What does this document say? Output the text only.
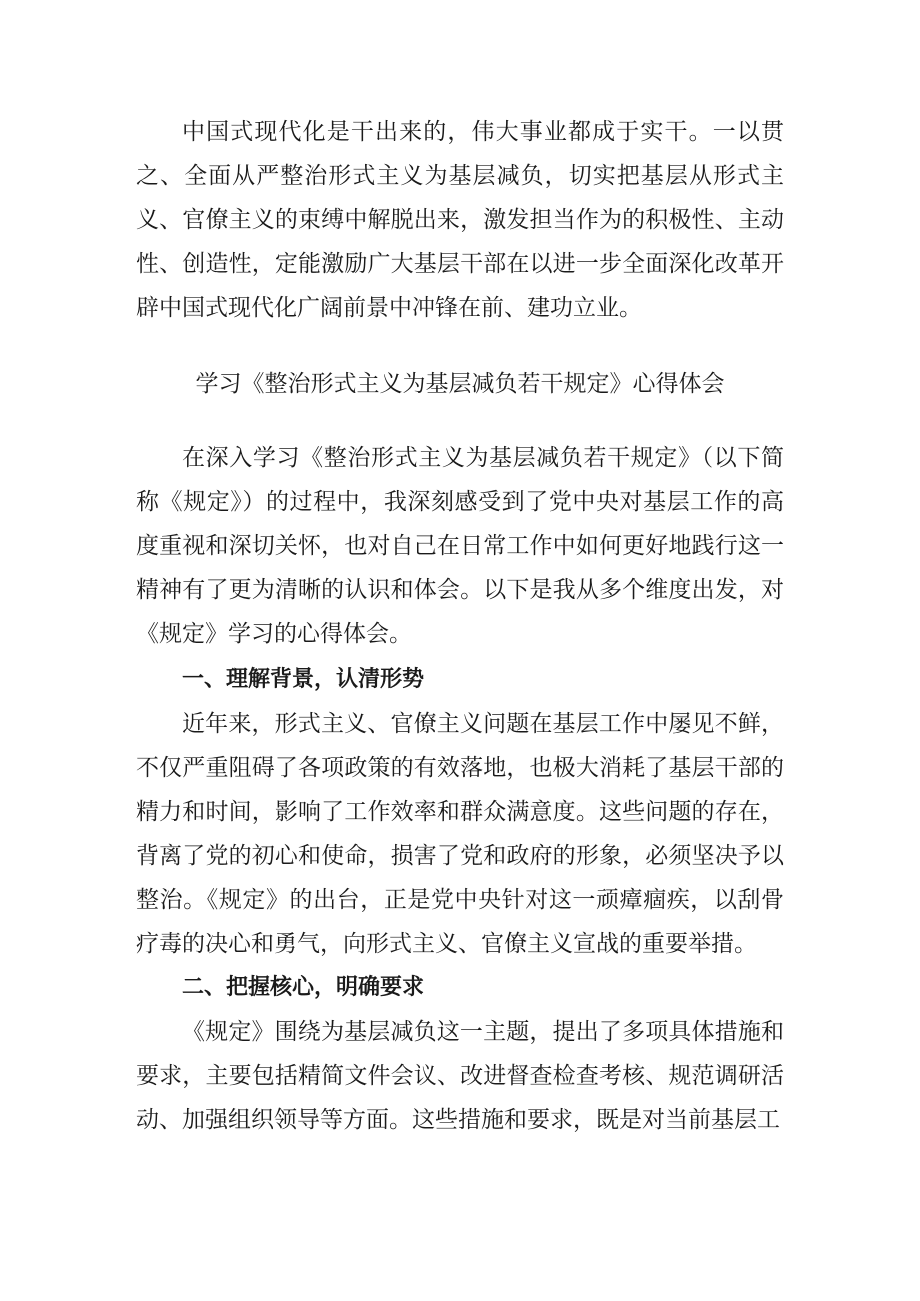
中国式现代化是干出来的，伟大事业都成于实干。一以贯之、全面从严整治形式主义为基层减负，切实把基层从形式主义、官僚主义的束缚中解脱出来，激发担当作为的积极性、主动性、创造性，定能激励广大基层干部在以进一步全面深化改革开辟中国式现代化广阔前景中冲锋在前、建功立业。

学习《整治形式主义为基层减负若干规定》心得体会

在深入学习《整治形式主义为基层减负若干规定》（以下简称《规定》）的过程中，我深刻感受到了党中央对基层工作的高度重视和深切关怀，也对自己在日常工作中如何更好地践行这一精神有了更为清晰的认识和体会。以下是我从多个维度出发，对《规定》学习的心得体会。

一、理解背景，认清形势

近年来，形式主义、官僚主义问题在基层工作中屡见不鲜，不仅严重阻碍了各项政策的有效落地，也极大消耗了基层干部的精力和时间，影响了工作效率和群众满意度。这些问题的存在，背离了党的初心和使命，损害了党和政府的形象，必须坚决予以整治。《规定》的出台，正是党中央针对这一顽瘴痼疾，以刮骨疗毒的决心和勇气，向形式主义、官僚主义宣战的重要举措。

二、把握核心，明确要求

《规定》围绕为基层减负这一主题，提出了多项具体措施和要求，主要包括精简文件会议、改进督查检查考核、规范调研活动、加强组织领导等方面。这些措施和要求，既是对当前基层工
